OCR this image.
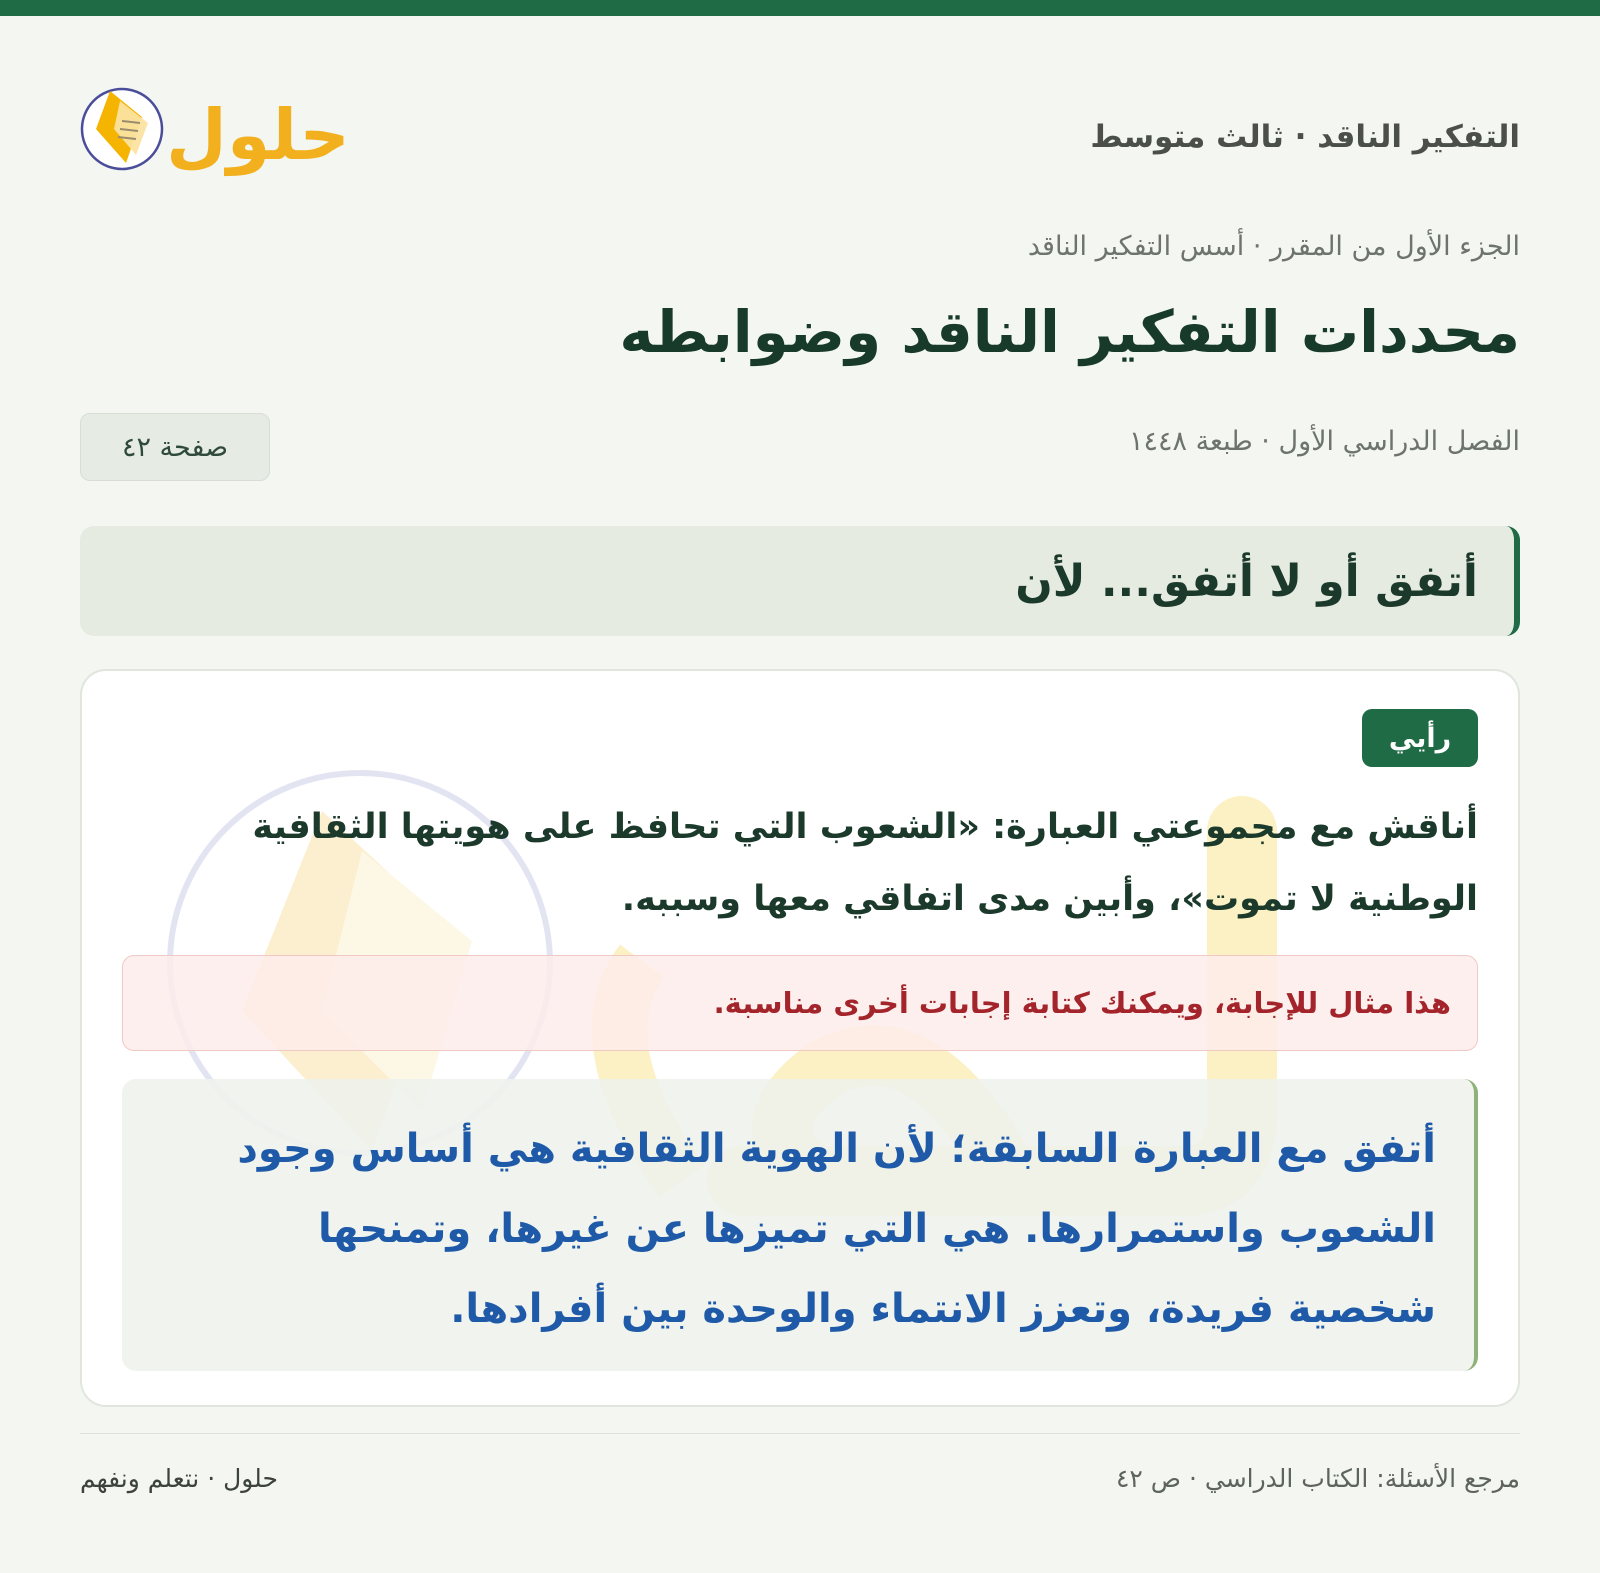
التفكير الناقد · ثالث متوسط
حلول
الجزء الأول من المقرر · أسس التفكير الناقد
محددات التفكير الناقد وضوابطه
الفصل الدراسي الأول · طبعة ١٤٤٨
صفحة ٤٢
أتفق أو لا أتفق... لأن
رأيي

أناقش مع مجموعتي العبارة: «الشعوب التي تحافظ على هويتها الثقافية الوطنية لا تموت»، وأبين مدى اتفاقي معها وسببه.

هذا مثال للإجابة، ويمكنك كتابة إجابات أخرى مناسبة.

أتفق مع العبارة السابقة؛ لأن الهوية الثقافية هي أساس وجود الشعوب واستمرارها. هي التي تميزها عن غيرها، وتمنحها شخصية فريدة، وتعزز الانتماء والوحدة بين أفرادها.

مرجع الأسئلة: الكتاب الدراسي · ص ٤٢
حلول · نتعلم ونفهم
